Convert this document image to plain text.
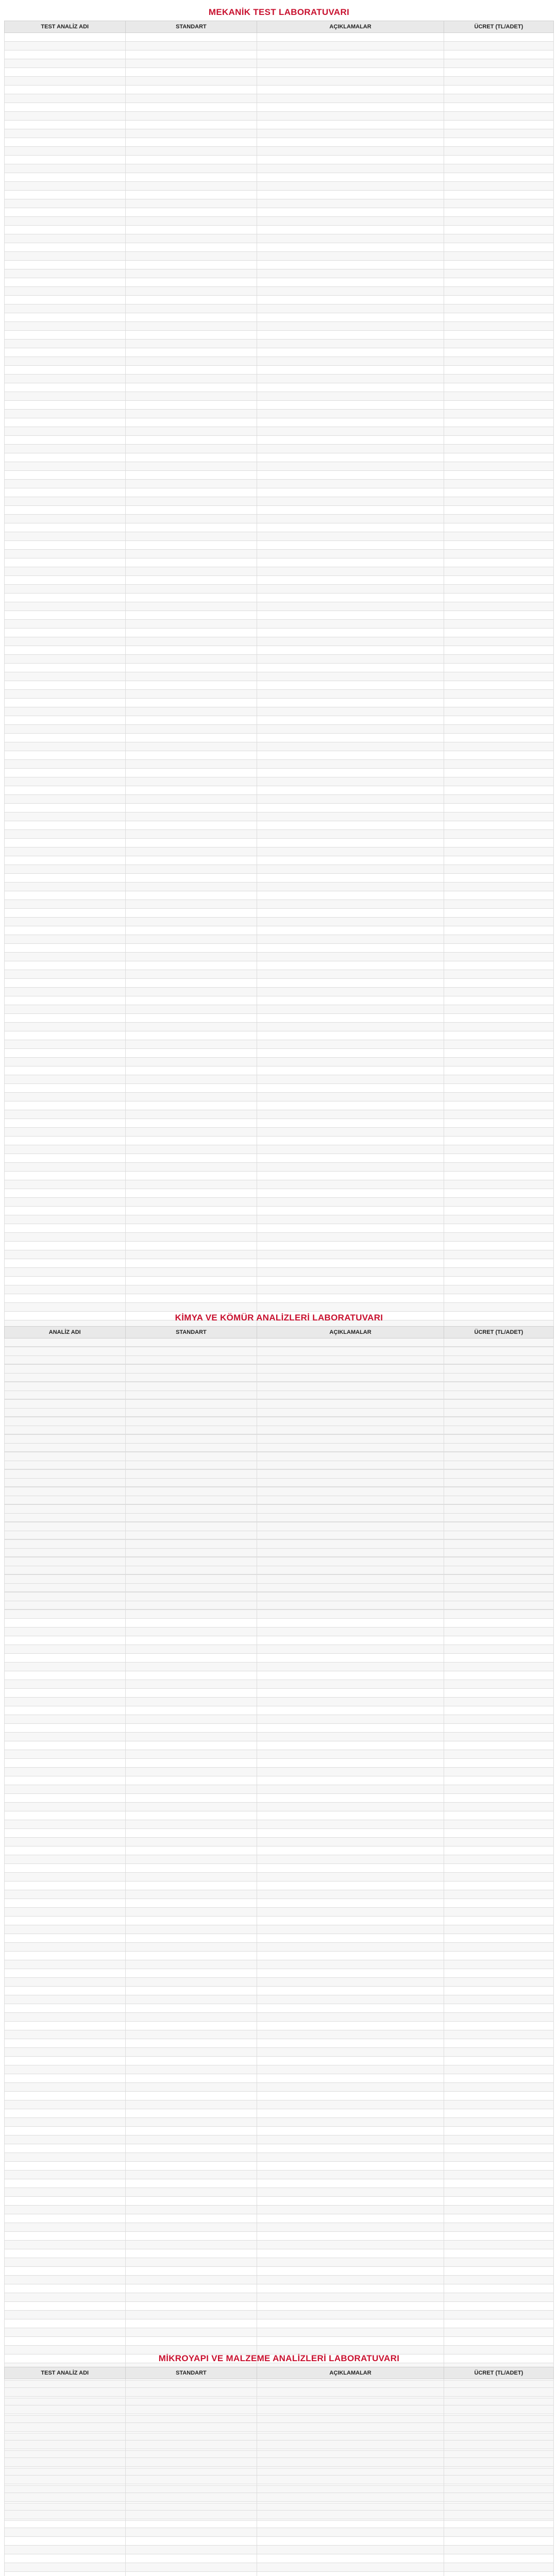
MEKANİK TEST LABORATUVARI
TEST ANALİZ ADI	STANDART	AÇIKLAMALAR	ÜCRET (TL/ADET)

KİMYA VE KÖMÜR ANALİZLERİ LABORATUVARI
ANALİZ ADI	STANDART	AÇIKLAMALAR	ÜCRET (TL/ADET)

MİKROYAPI VE MALZEME ANALİZLERİ LABORATUVARI
TEST ANALİZ ADI	STANDART	AÇIKLAMALAR	ÜCRET (TL/ADET)
